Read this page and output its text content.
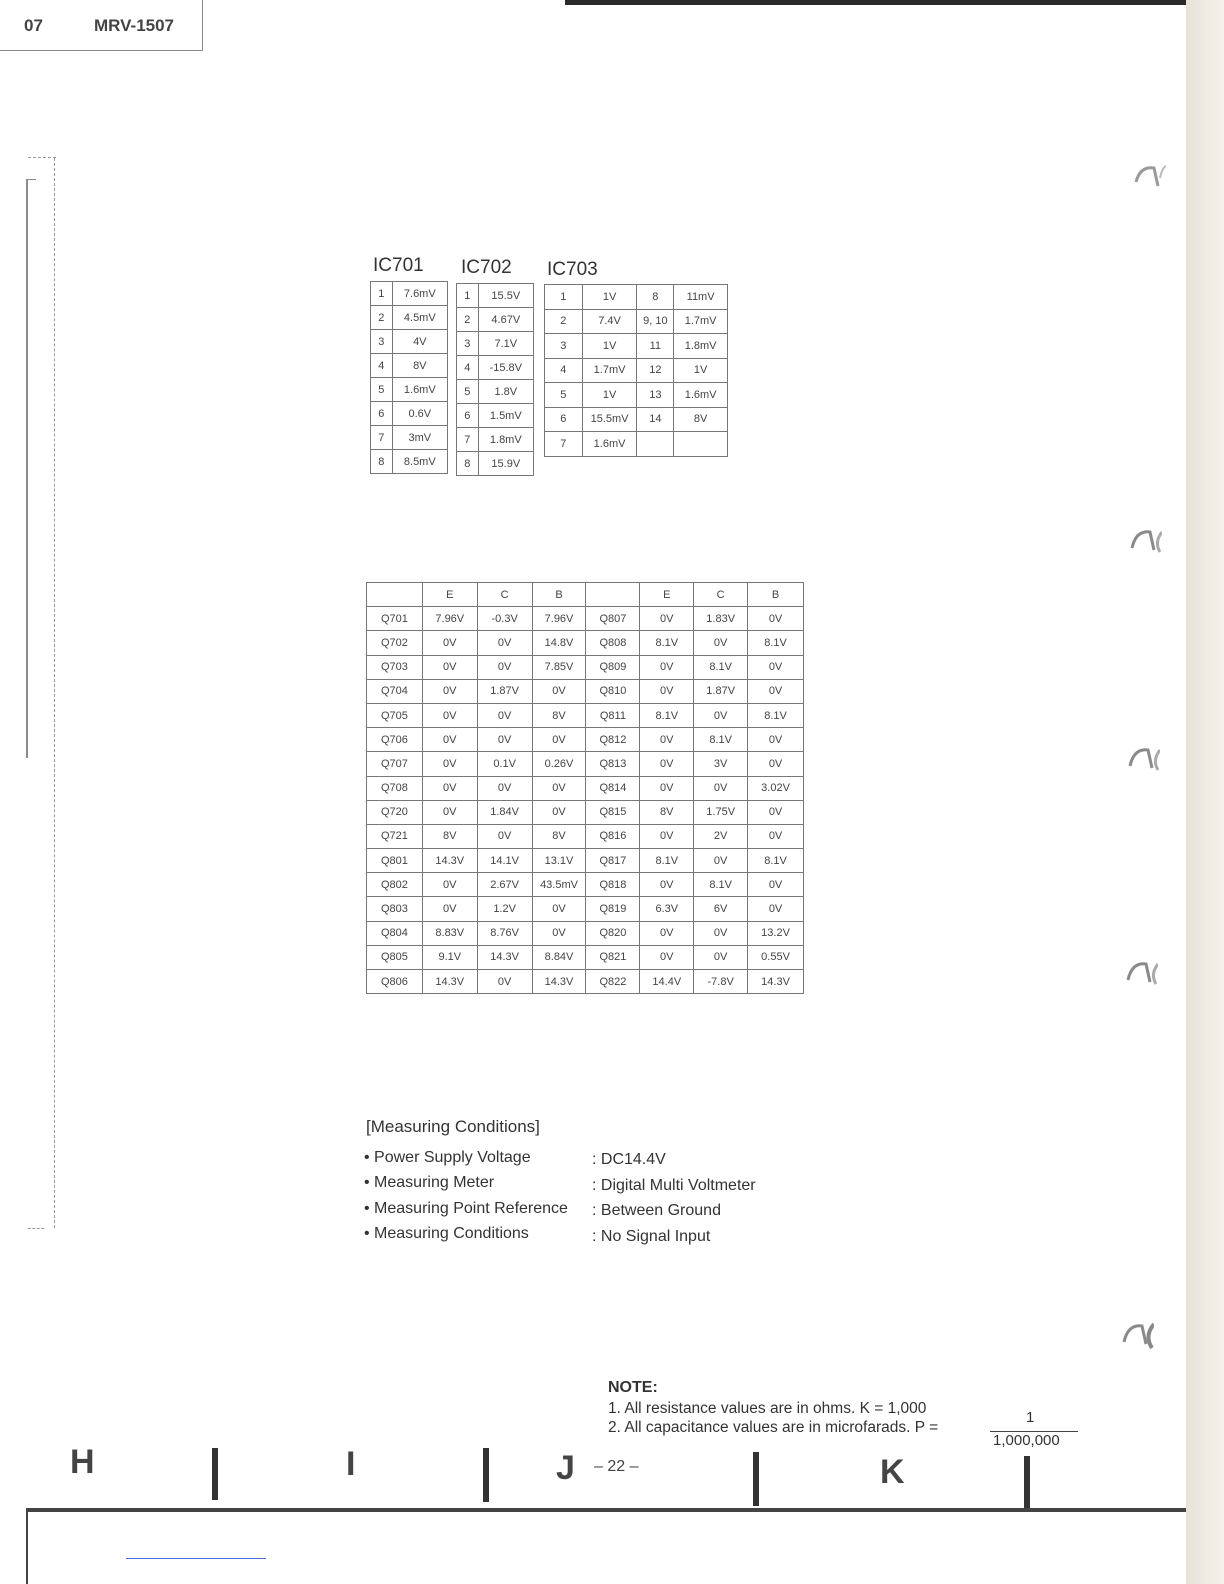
07	MRV-1507
IC701 IC702 IC703
1	7.6mV
2	4.5mV
3	4V
4	8V
5	1.6mV
6	0.6V
7	3mV
8	8.5mV
1	15.5V
2	4.67V
3	7.1V
4	-15.8V
5	1.8V
6	1.5mV
7	1.8mV
8	15.9V
1	1V	8	11mV
2	7.4V	9, 10	1.7mV
3	1V	11	1.8mV
4	1.7mV	12	1V
5	1V	13	1.6mV
6	15.5mV	14	8V
7	1.6mV		
	E	C	B		E	C	B
Q701	7.96V	-0.3V	7.96V	Q807	0V	1.83V	0V
Q702	0V	0V	14.8V	Q808	8.1V	0V	8.1V
Q703	0V	0V	7.85V	Q809	0V	8.1V	0V
Q704	0V	1.87V	0V	Q810	0V	1.87V	0V
Q705	0V	0V	8V	Q811	8.1V	0V	8.1V
Q706	0V	0V	0V	Q812	0V	8.1V	0V
Q707	0V	0.1V	0.26V	Q813	0V	3V	0V
Q708	0V	0V	0V	Q814	0V	0V	3.02V
Q720	0V	1.84V	0V	Q815	8V	1.75V	0V
Q721	8V	0V	8V	Q816	0V	2V	0V
Q801	14.3V	14.1V	13.1V	Q817	8.1V	0V	8.1V
Q802	0V	2.67V	43.5mV	Q818	0V	8.1V	0V
Q803	0V	1.2V	0V	Q819	6.3V	6V	0V
Q804	8.83V	8.76V	0V	Q820	0V	0V	13.2V
Q805	9.1V	14.3V	8.84V	Q821	0V	0V	0.55V
Q806	14.3V	0V	14.3V	Q822	14.4V	-7.8V	14.3V
[Measuring Conditions]
• Power Supply Voltage	: DC14.4V
• Measuring Meter	: Digital Multi Voltmeter
• Measuring Point Reference : Between Ground
• Measuring Conditions	: No Signal Input
NOTE:
1. All resistance values are in ohms. K = 1,000
2. All capacitance values are in microfarads. P =
1
1,000,000
H	I	J – 22 –	K
